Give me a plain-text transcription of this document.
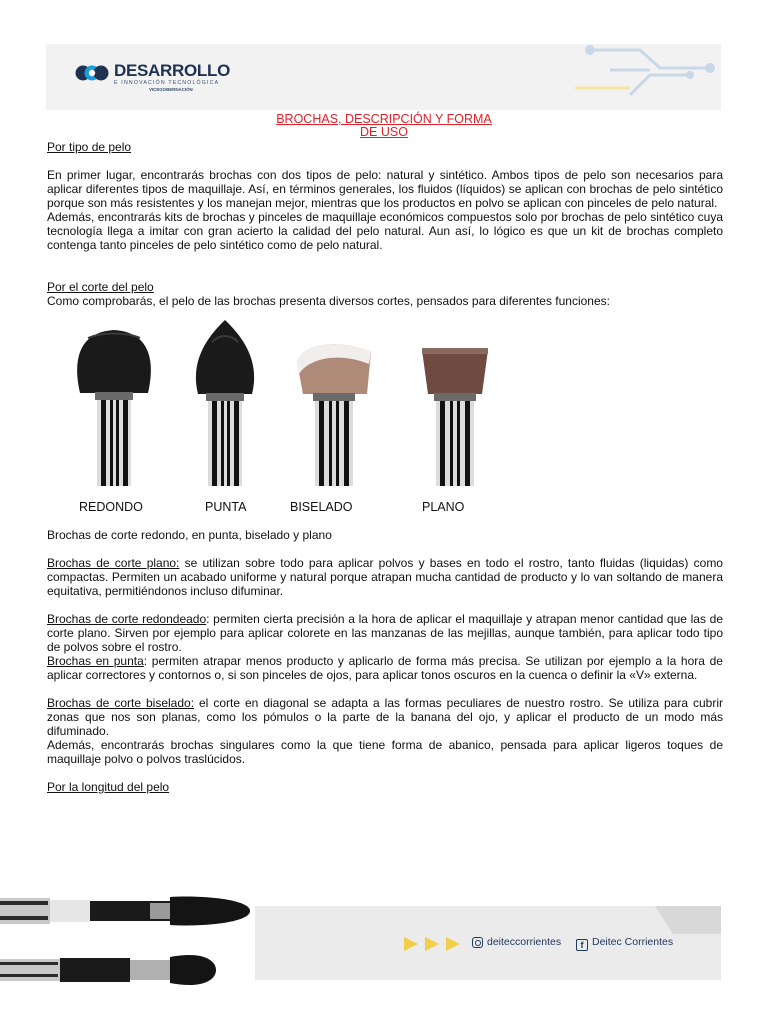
DESARROLLO
E INNOVACIÓN TECNOLÓGICA
VICEGOBERNACIÓN
BROCHAS, DESCRIPCIÓN Y FORMA
DE USO

Por tipo de pelo

En primer lugar, encontrarás brochas con dos tipos de pelo: natural y sintético. Ambos tipos de pelo son necesarios para aplicar diferentes tipos de maquillaje. Así, en términos generales, los fluidos (líquidos) se aplican con brochas de pelo sintético porque son más resistentes y los manejan mejor, mientras que los productos en polvo se aplican con pinceles de pelo natural.

Además, encontrarás kits de brochas y pinceles de maquillaje económicos compuestos solo por brochas de pelo sintético cuya tecnología llega a imitar con gran acierto la calidad del pelo natural. Aun así, lo lógico es que un kit de brochas completo contenga tanto pinceles de pelo sintético como de pelo natural.

Por el corte del pelo

Como comprobarás, el pelo de las brochas presenta diversos cortes, pensados para diferentes funciones:

REDONDO	PUNTA	BISELADO	PLANO

Brochas de corte redondo, en punta, biselado y plano

Brochas de corte plano: se utilizan sobre todo para aplicar polvos y bases en todo el rostro, tanto fluidas (liquidas) como compactas. Permiten un acabado uniforme y natural porque atrapan mucha cantidad de producto y lo van soltando de manera equitativa, permitiéndonos incluso difuminar.

Brochas de corte redondeado: permiten cierta precisión a la hora de aplicar el maquillaje y atrapan menor cantidad que las de corte plano. Sirven por ejemplo para aplicar colorete en las manzanas de las mejillas, aunque también, para aplicar todo tipo de polvos sobre el rostro.

Brochas en punta: permiten atrapar menos producto y aplicarlo de forma más precisa. Se utilizan por ejemplo a la hora de aplicar correctores y contornos o, si son pinceles de ojos, para aplicar tonos oscuros en la cuenca o definir la «V» externa.

Brochas de corte biselado: el corte en diagonal se adapta a las formas peculiares de nuestro rostro. Se utiliza para cubrir zonas que nos son planas, como los pómulos o la parte de la banana del ojo, y aplicar el producto de un modo más difuminado.

Además, encontrarás brochas singulares como la que tiene forma de abanico, pensada para aplicar ligeros toques de maquillaje polvo o polvos traslúcidos.

Por la longitud del pelo

deiteccorrientes	f Deitec Corrientes
